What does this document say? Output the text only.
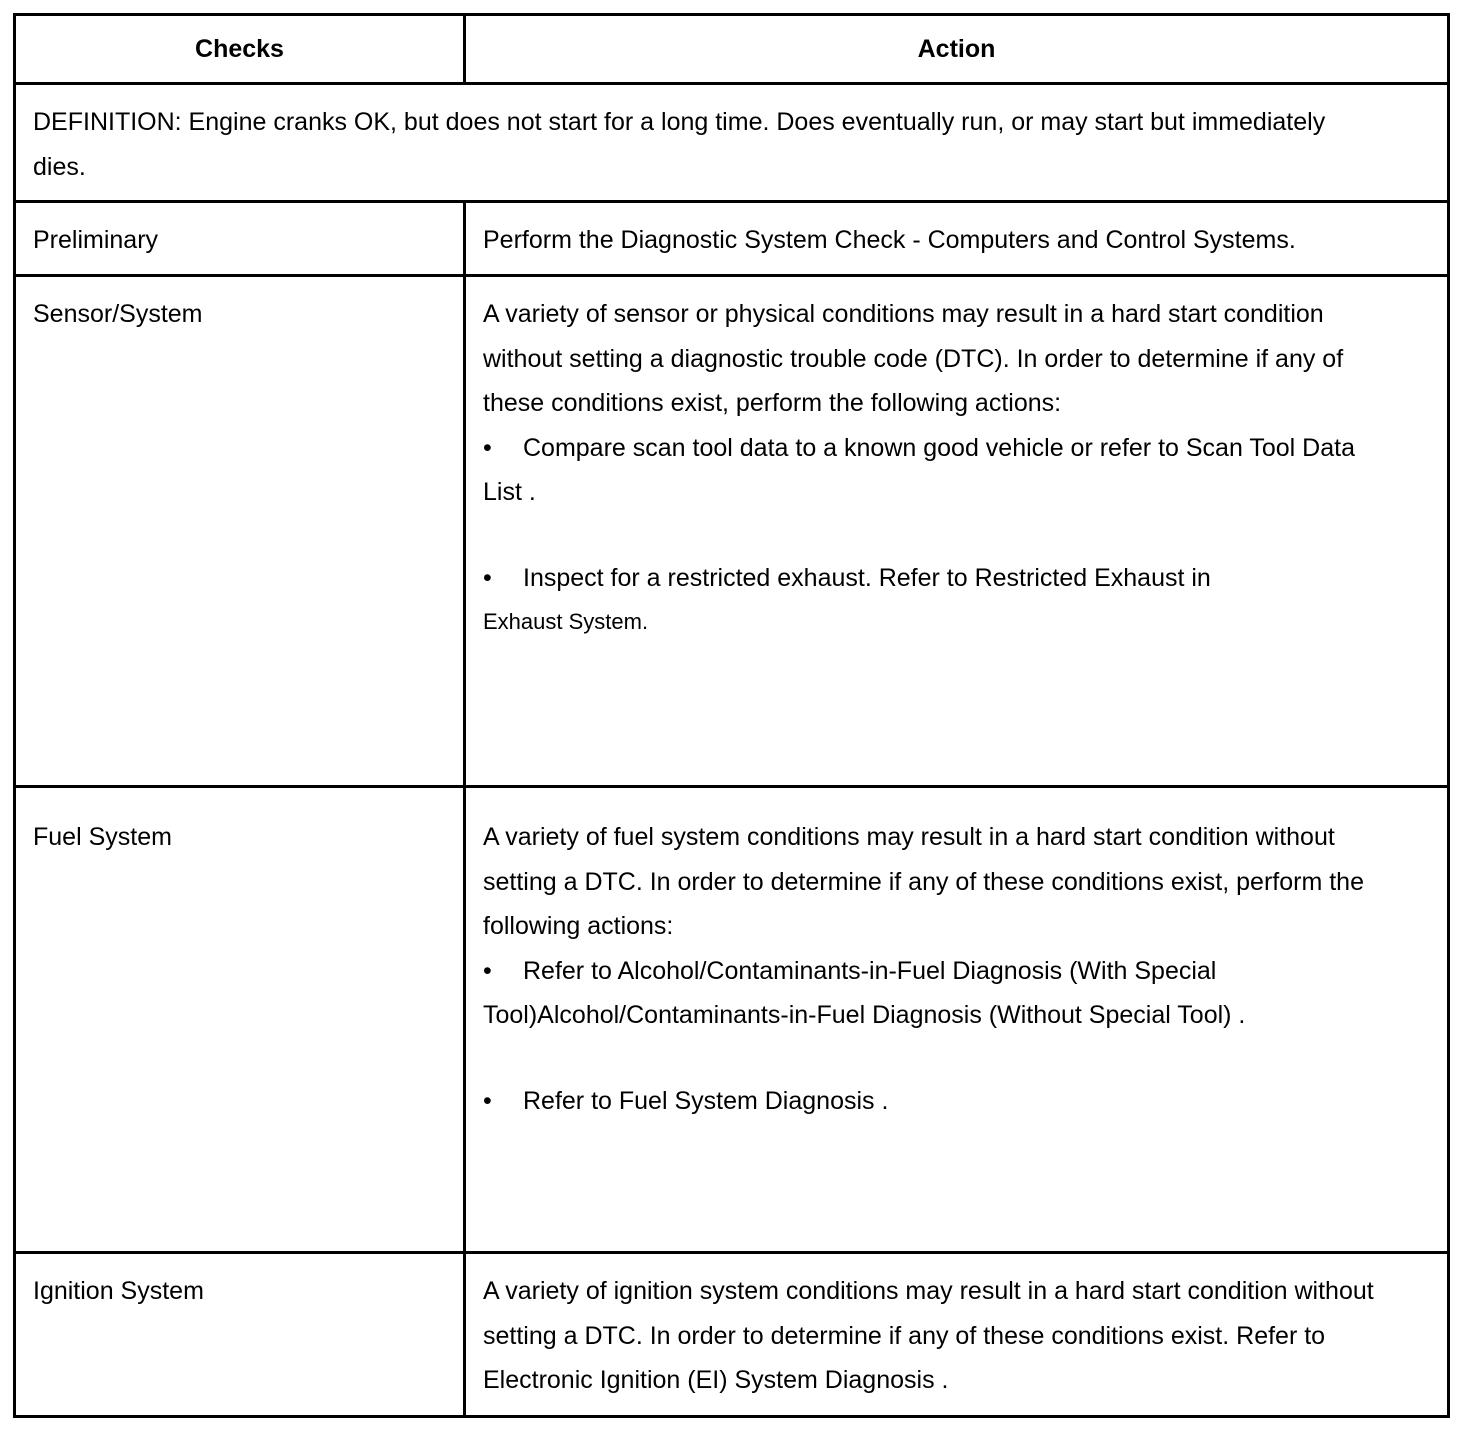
Checks	Action

DEFINITION: Engine cranks OK, but does not start for a long time. Does eventually run, or may start but immediately dies.	

Preliminary	Perform the Diagnostic System Check - Computers and Control Systems.

Sensor/System	A variety of sensor or physical conditions may result in a hard start condition without setting a diagnostic trouble code (DTC). In order to determine if any of these conditions exist, perform the following actions:
• Compare scan tool data to a known good vehicle or refer to Scan Tool Data List .
• Inspect for a restricted exhaust. Refer to Restricted Exhaust in
Exhaust System.

Fuel System	A variety of fuel system conditions may result in a hard start condition without setting a DTC. In order to determine if any of these conditions exist, perform the following actions:
• Refer to Alcohol/Contaminants-in-Fuel Diagnosis (With Special Tool)Alcohol/Contaminants-in-Fuel Diagnosis (Without Special Tool) .
• Refer to Fuel System Diagnosis .

Ignition System	A variety of ignition system conditions may result in a hard start condition without setting a DTC. In order to determine if any of these conditions exist. Refer to Electronic Ignition (EI) System Diagnosis .
